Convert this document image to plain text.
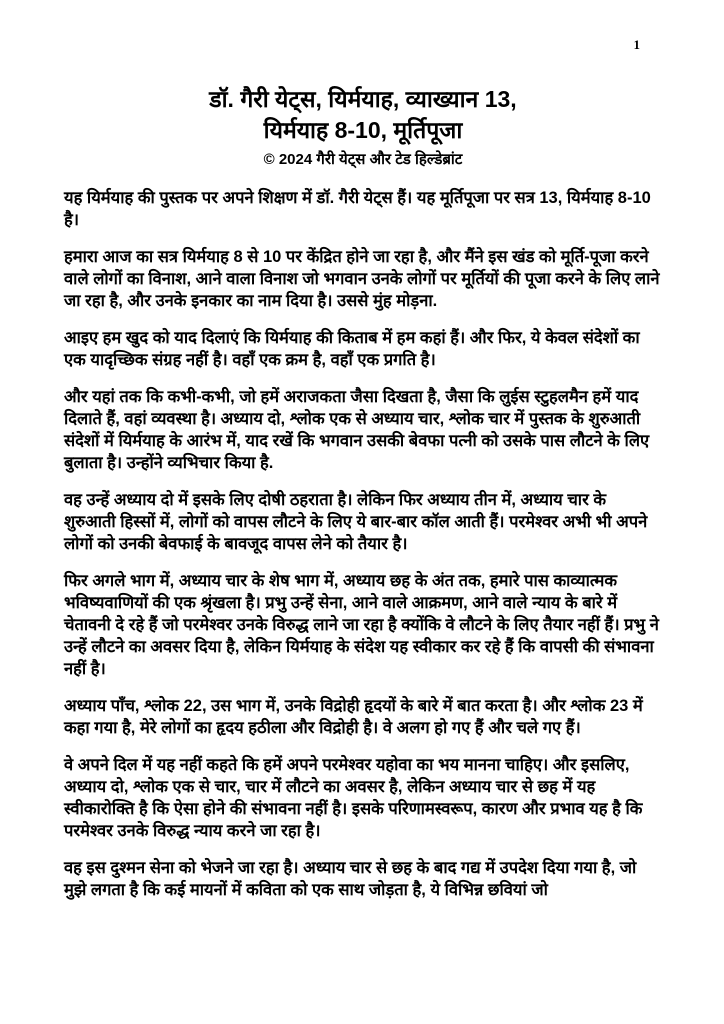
1
डॉ. गैरी येट्स, यिर्मयाह, व्याख्यान 13,
यिर्मयाह 8-10, मूर्तिपूजा
© 2024 गैरी येट्स और टेड हिल्डेब्रांट

यह यिर्मयाह की पुस्तक पर अपने शिक्षण में डॉ. गैरी येट्स हैं। यह मूर्तिपूजा पर सत्र 13, यिर्मयाह 8-10 है।

हमारा आज का सत्र यिर्मयाह 8 से 10 पर केंद्रित होने जा रहा है, और मैंने इस खंड को मूर्ति-पूजा करने वाले लोगों का विनाश, आने वाला विनाश जो भगवान उनके लोगों पर मूर्तियों की पूजा करने के लिए लाने जा रहा है, और उनके इनकार का नाम दिया है। उससे मुंह मोड़ना.

आइए हम खुद को याद दिलाएं कि यिर्मयाह की किताब में हम कहां हैं। और फिर, ये केवल संदेशों का एक यादृच्छिक संग्रह नहीं है। वहाँ एक क्रम है, वहाँ एक प्रगति है।

और यहां तक कि कभी-कभी, जो हमें अराजकता जैसा दिखता है, जैसा कि लुईस स्टुहलमैन हमें याद दिलाते हैं, वहां व्यवस्था है। अध्याय दो, श्लोक एक से अध्याय चार, श्लोक चार में पुस्तक के शुरुआती संदेशों में यिर्मयाह के आरंभ में, याद रखें कि भगवान उसकी बेवफा पत्नी को उसके पास लौटने के लिए बुलाता है। उन्होंने व्यभिचार किया है.

वह उन्हें अध्याय दो में इसके लिए दोषी ठहराता है। लेकिन फिर अध्याय तीन में, अध्याय चार के शुरुआती हिस्सों में, लोगों को वापस लौटने के लिए ये बार-बार कॉल आती हैं। परमेश्वर अभी भी अपने लोगों को उनकी बेवफाई के बावजूद वापस लेने को तैयार है।

फिर अगले भाग में, अध्याय चार के शेष भाग में, अध्याय छह के अंत तक, हमारे पास काव्यात्मक भविष्यवाणियों की एक श्रृंखला है। प्रभु उन्हें सेना, आने वाले आक्रमण, आने वाले न्याय के बारे में चेतावनी दे रहे हैं जो परमेश्वर उनके विरुद्ध लाने जा रहा है क्योंकि वे लौटने के लिए तैयार नहीं हैं। प्रभु ने उन्हें लौटने का अवसर दिया है, लेकिन यिर्मयाह के संदेश यह स्वीकार कर रहे हैं कि वापसी की संभावना नहीं है।

अध्याय पाँच, श्लोक 22, उस भाग में, उनके विद्रोही हृदयों के बारे में बात करता है। और श्लोक 23 में कहा गया है, मेरे लोगों का हृदय हठीला और विद्रोही है। वे अलग हो गए हैं और चले गए हैं।

वे अपने दिल में यह नहीं कहते कि हमें अपने परमेश्वर यहोवा का भय मानना चाहिए। और इसलिए, अध्याय दो, श्लोक एक से चार, चार में लौटने का अवसर है, लेकिन अध्याय चार से छह में यह स्वीकारोक्ति है कि ऐसा होने की संभावना नहीं है। इसके परिणामस्वरूप, कारण और प्रभाव यह है कि परमेश्वर उनके विरुद्ध न्याय करने जा रहा है।

वह इस दुश्मन सेना को भेजने जा रहा है। अध्याय चार से छह के बाद गद्य में उपदेश दिया गया है, जो मुझे लगता है कि कई मायनों में कविता को एक साथ जोड़ता है, ये विभिन्न छवियां जो
